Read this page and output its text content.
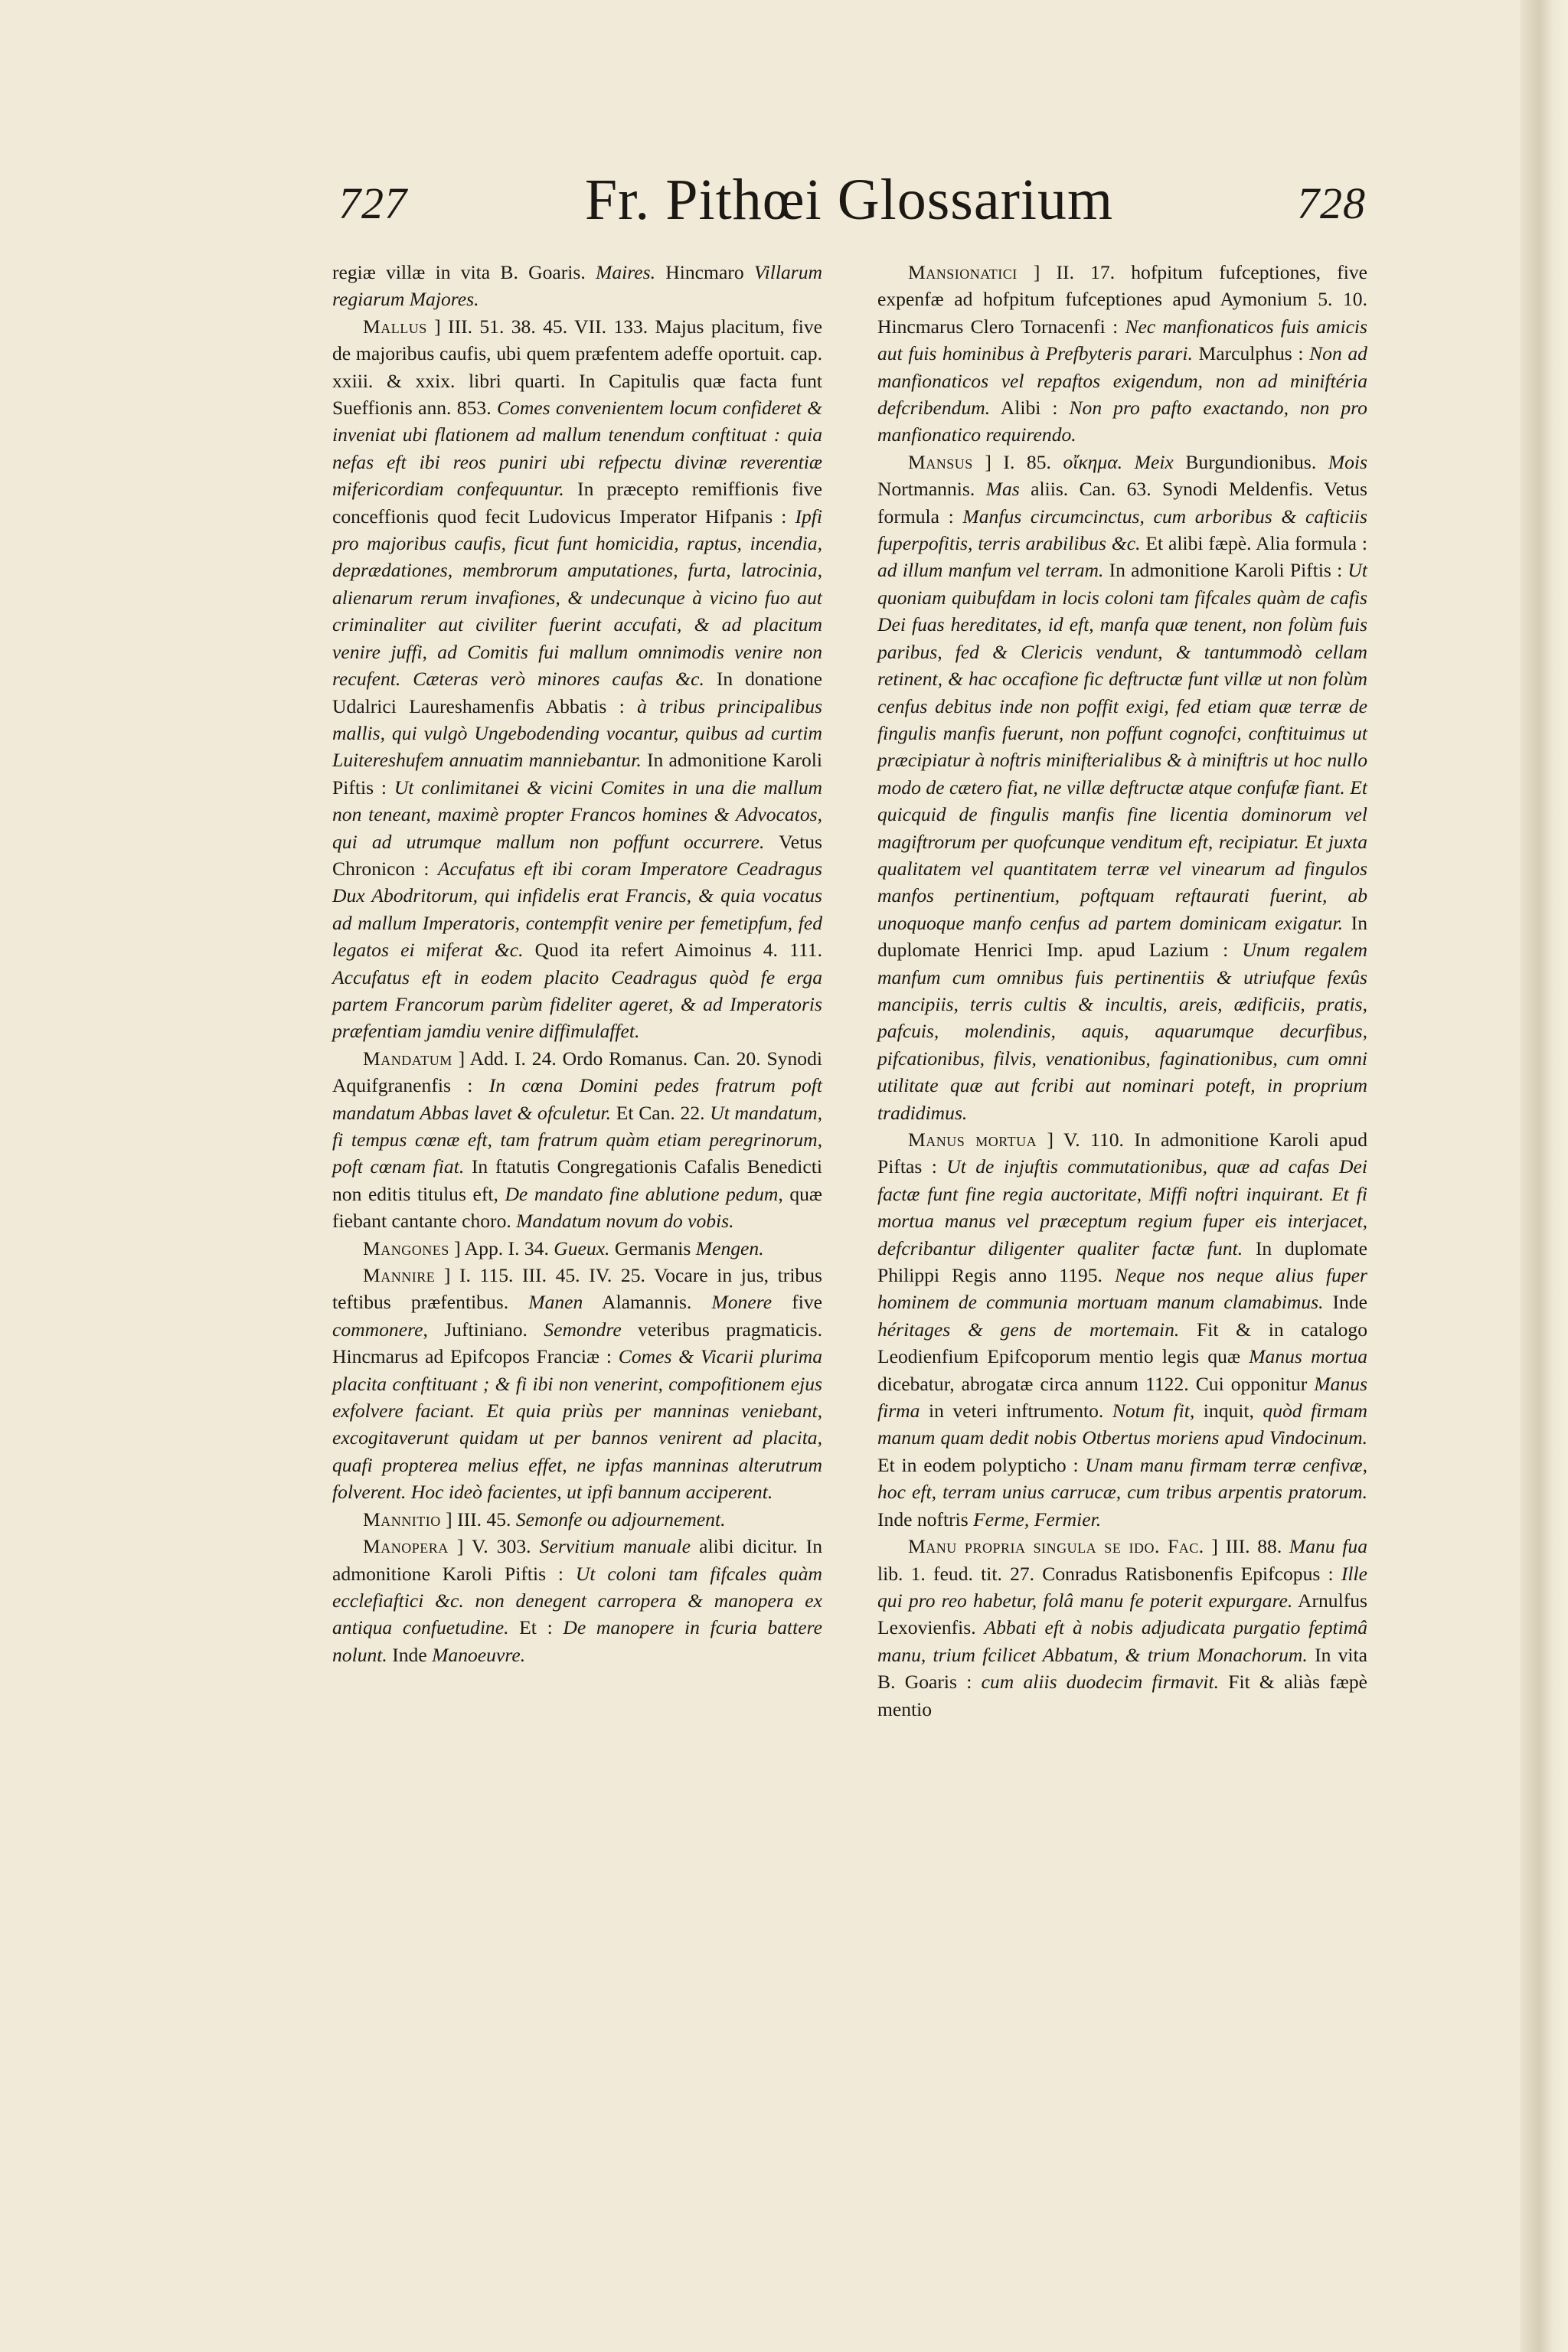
727	Fr. Pithœi Glossarium	728

regiæ villæ in vita B. Goaris. Maires. Hincmaro Villarum regiarum Majores.

Mallus ] III. 51. 38. 45. VII. 133. Majus placitum, five de majoribus caufis, ubi quem præfentem adeffe oportuit. cap. xxiii. & xxix. libri quarti. In Capitulis quæ facta funt Sueffionis ann. 853. Comes convenientem locum confideret & inveniat ubi flationem ad mallum tenendum conftituat : quia nefas eft ibi reos puniri ubi refpectu divinæ reverentiæ mifericordiam confequuntur. In præcepto remiffionis five conceffionis quod fecit Ludovicus Imperator Hifpanis : Ipfi pro majoribus caufis, ficut funt homicidia, raptus, incendia, deprædationes, membrorum amputationes, furta, latrocinia, alienarum rerum invafiones, & undecunque à vicino fuo aut criminaliter aut civiliter fuerint accufati, & ad placitum venire juffi, ad Comitis fui mallum omnimodis venire non recufent. Cæteras verò minores caufas &c. In donatione Udalrici Laureshamenfis Abbatis : à tribus principalibus mallis, qui vulgò Ungebodending vocantur, quibus ad curtim Luitereshufem annuatim manniebantur. In admonitione Karoli Piftis : Ut conlimitanei & vicini Comites in una die mallum non teneant, maximè propter Francos homines & Advocatos, qui ad utrumque mallum non poffunt occurrere. Vetus Chronicon : Accufatus eft ibi coram Imperatore Ceadragus Dux Abodritorum, qui infidelis erat Francis, & quia vocatus ad mallum Imperatoris, contempfit venire per femetipfum, fed legatos ei miferat &c. Quod ita refert Aimoinus 4. 111. Accufatus eft in eodem placito Ceadragus quòd fe erga partem Francorum parùm fideliter ageret, & ad Imperatoris præfentiam jamdiu venire diffimulaffet.

Mandatum ] Add. I. 24. Ordo Romanus. Can. 20. Synodi Aquifgranenfis : In cœna Domini pedes fratrum poft mandatum Abbas lavet & ofculetur. Et Can. 22. Ut mandatum, fi tempus cœnæ eft, tam fratrum quàm etiam peregrinorum, poft cœnam fiat. In ftatutis Congregationis Cafalis Benedicti non editis titulus eft, De mandato fine ablutione pedum, quæ fiebant cantante choro. Mandatum novum do vobis.

Mangones ] App. I. 34. Gueux. Germanis Mengen.

Mannire ] I. 115. III. 45. IV. 25. Vocare in jus, tribus teftibus præfentibus. Manen Alamannis. Monere five commonere, Juftiniano. Semondre veteribus pragmaticis. Hincmarus ad Epifcopos Franciæ : Comes & Vicarii plurima placita conftituant ; & fi ibi non venerint, compofitionem ejus exfolvere faciant. Et quia priùs per manninas veniebant, excogitaverunt quidam ut per bannos venirent ad placita, quafi propterea melius effet, ne ipfas manninas alterutrum folverent. Hoc ideò facientes, ut ipfi bannum acciperent.

Mannitio ] III. 45. Semonfe ou adjournement.

Manopera ] V. 303. Servitium manuale alibi dicitur. In admonitione Karoli Piftis : Ut coloni tam fifcales quàm ecclefiaftici &c. non denegent carropera & manopera ex antiqua confuetudine. Et : De manopere in fcuria battere nolunt. Inde Manoeuvre.

Mansionatici ] II. 17. hofpitum fufceptiones, five expenfæ ad hofpitum fufceptiones apud Aymonium 5. 10. Hincmarus Clero Tornacenfi : Nec manfionaticos fuis amicis aut fuis hominibus à Prefbyteris parari. Marculphus : Non ad manfionaticos vel repaftos exigendum, non ad miniftéria defcribendum. Alibi : Non pro pafto exactando, non pro manfionatico requirendo.

Mansus ] I. 85. οἴκημα. Meix Burgundionibus. Mois Nortmannis. Mas aliis. Can. 63. Synodi Meldenfis. Vetus formula : Manfus circumcinctus, cum arboribus & cafticiis fuperpofitis, terris arabilibus &c. Et alibi fæpè. Alia formula : ad illum manfum vel terram. In admonitione Karoli Piftis : Ut quoniam quibufdam in locis coloni tam fifcales quàm de cafis Dei fuas hereditates, id eft, manfa quæ tenent, non folùm fuis paribus, fed & Clericis vendunt, & tantummodò cellam retinent, & hac occafione fic deftructæ funt villæ ut non folùm cenfus debitus inde non poffit exigi, fed etiam quæ terræ de fingulis manfis fuerunt, non poffunt cognofci, conftituimus ut præcipiatur à noftris minifterialibus & à miniftris ut hoc nullo modo de cætero fiat, ne villæ deftructæ atque confufæ fiant. Et quicquid de fingulis manfis fine licentia dominorum vel magiftrorum per quofcunque venditum eft, recipiatur. Et juxta qualitatem vel quantitatem terræ vel vinearum ad fingulos manfos pertinentium, poftquam reftaurati fuerint, ab unoquoque manfo cenfus ad partem dominicam exigatur. In duplomate Henrici Imp. apud Lazium : Unum regalem manfum cum omnibus fuis pertinentiis & utriufque fexûs mancipiis, terris cultis & incultis, areis, ædificiis, pratis, pafcuis, molendinis, aquis, aquarumque decurfibus, pifcationibus, filvis, venationibus, faginationibus, cum omni utilitate quæ aut fcribi aut nominari poteft, in proprium tradidimus.

Manus mortua ] V. 110. In admonitione Karoli apud Piftas : Ut de injuftis commutationibus, quæ ad cafas Dei factæ funt fine regia auctoritate, Miffi noftri inquirant. Et fi mortua manus vel præceptum regium fuper eis interjacet, defcribantur diligenter qualiter factæ funt. In duplomate Philippi Regis anno 1195. Neque nos neque alius fuper hominem de communia mortuam manum clamabimus. Inde héritages & gens de mortemain. Fit & in catalogo Leodienfium Epifcoporum mentio legis quæ Manus mortua dicebatur, abrogatæ circa annum 1122. Cui opponitur Manus firma in veteri inftrumento. Notum fit, inquit, quòd firmam manum quam dedit nobis Otbertus moriens apud Vindocinum. Et in eodem polypticho : Unam manu firmam terræ cenfivæ, hoc eft, terram unius carrucæ, cum tribus arpentis pratorum. Inde noftris Ferme, Fermier.

Manu propria singula se ido. Fac. ] III. 88. Manu fua lib. 1. feud. tit. 27. Conradus Ratisbonenfis Epifcopus : Ille qui pro reo habetur, folâ manu fe poterit expurgare. Arnulfus Lexovienfis. Abbati eft à nobis adjudicata purgatio feptimâ manu, trium fcilicet Abbatum, & trium Monachorum. In vita B. Goaris : cum aliis duodecim firmavit. Fit & aliàs fæpè mentio
